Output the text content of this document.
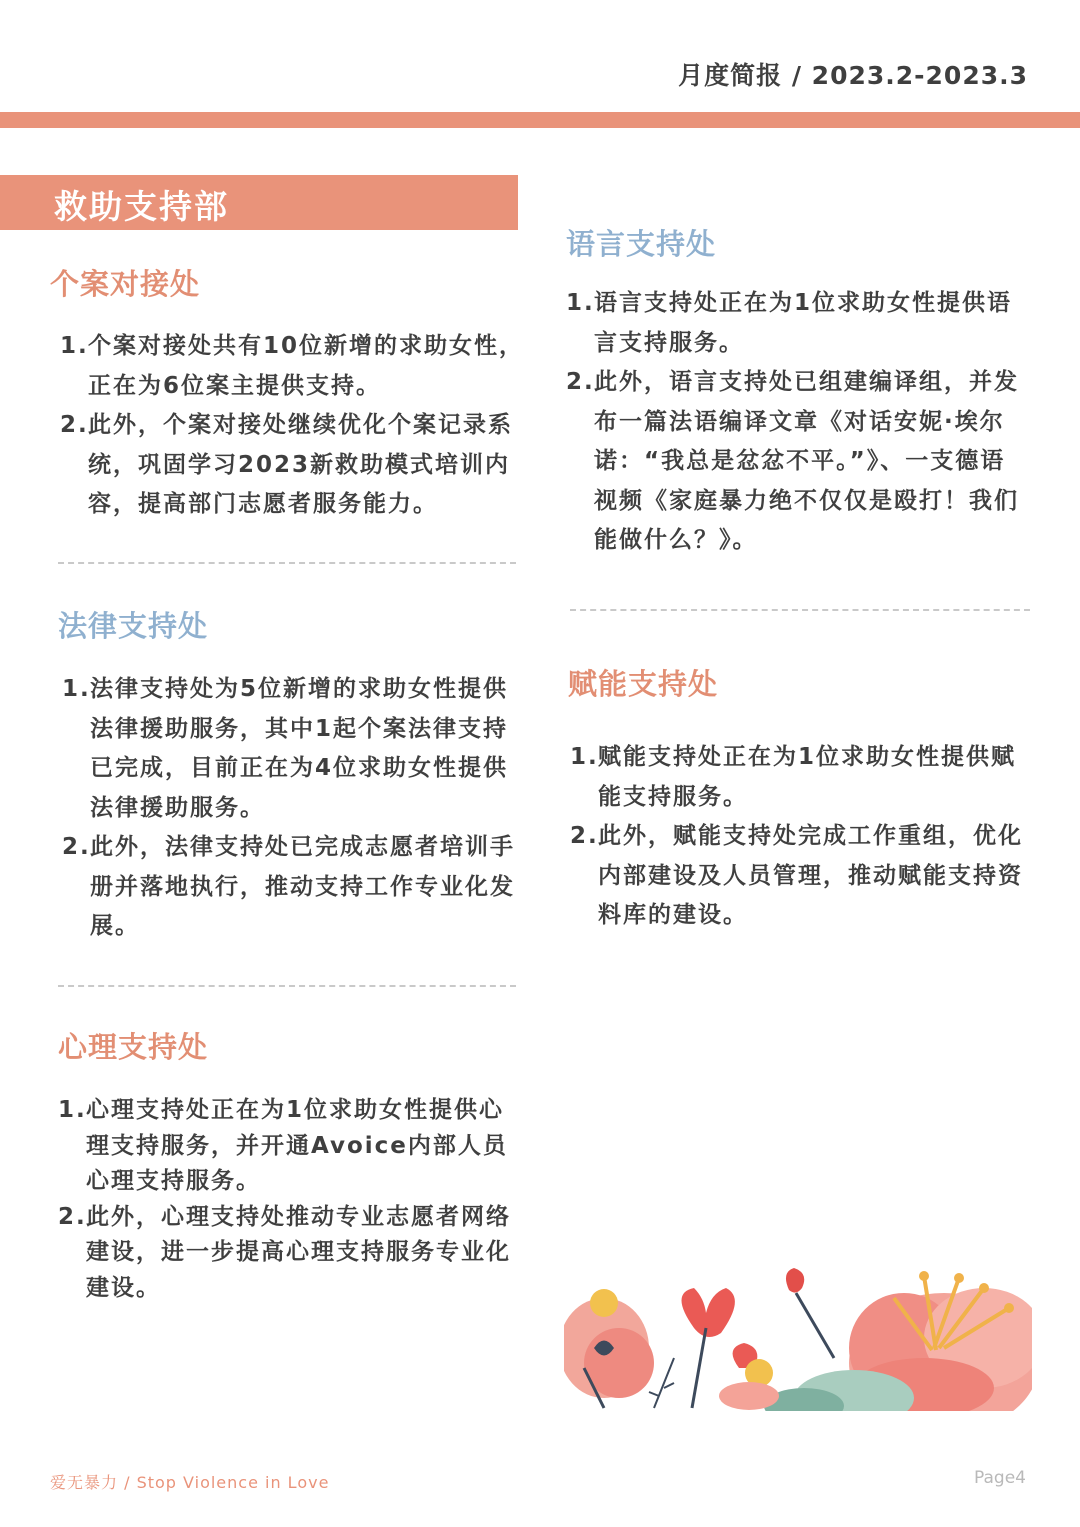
月度简报 / 2023.2-2023.3
救助支持部
个案对接处
1. 个案对接处共有10位新增的求助女性，正在为6位案主提供支持。
2. 此外，个案对接处继续优化个案记录系统，巩固学习2023新救助模式培训内容，提高部门志愿者服务能力。
法律支持处
1. 法律支持处为5位新增的求助女性提供法律援助服务，其中1起个案法律支持已完成，目前正在为4位求助女性提供法律援助服务。
2. 此外，法律支持处已完成志愿者培训手册并落地执行，推动支持工作专业化发展。
心理支持处
1. 心理支持处正在为1位求助女性提供心理支持服务，并开通Avoice内部人员心理支持服务。
2. 此外，心理支持处推动专业志愿者网络建设，进一步提高心理支持服务专业化建设。
语言支持处
1. 语言支持处正在为1位求助女性提供语言支持服务。
2. 此外，语言支持处已组建编译组，并发布一篇法语编译文章《对话安妮·埃尔诺：“我总是忿忿不平。”》、一支德语视频《家庭暴力绝不仅仅是殴打！我们能做什么？》。
赋能支持处
1. 赋能支持处正在为1位求助女性提供赋能支持服务。
2. 此外，赋能支持处完成工作重组，优化内部建设及人员管理，推动赋能支持资料库的建设。
爱无暴力 / Stop Violence in Love	Page4
